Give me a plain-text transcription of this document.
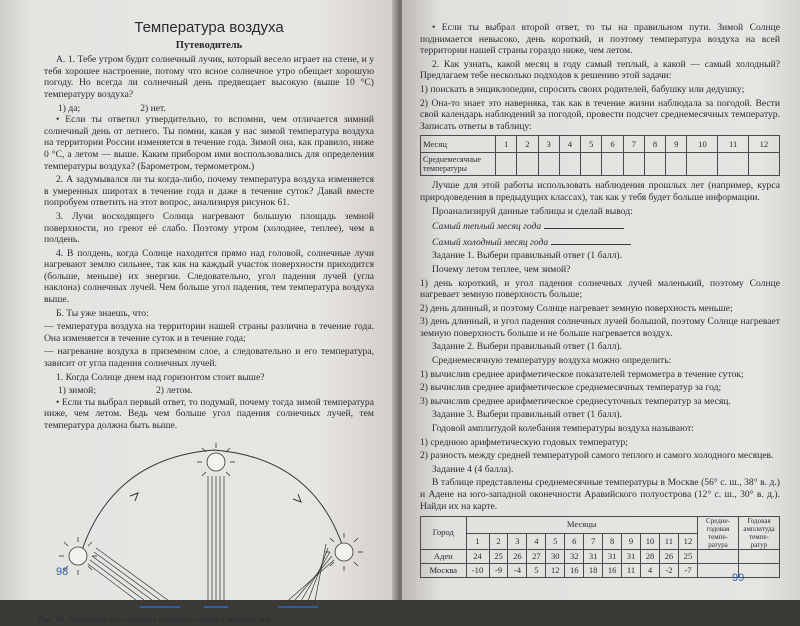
Температура воздуха
Путеводитель

А. 1. Тебе утром будит солнечный лучик, который весело играет на стене, и у тебя хорошее настроение, потому что ясное солнечное утро обещает хорошую погоду. Но всегда ли солнечный день предвещает высокую (выше 10 °С) температуру воздуха?

1) да;	2) нет.

• Если ты ответил утвердительно, то вспомни, чем отличается зимний солнечный день от летнего. Ты помни, какая у нас зимой температура воздуха на территории России изменяется в течение года. Зимой она, как правило, ниже 0 °С, а летом — выше. Каким прибором ими воспользовались для определения температуры воздуха? (Барометром, термометром.)

2. А задумывался ли ты когда-либо, почему температура воздуха изменяется в умеренных широтах в течение года и даже в течение суток? Давай вместе попробуем ответить на этот вопрос, анализируя рисунок 61.

3. Лучи восходящего Солнца нагревают большую площадь земной поверхности, но греют её слабо. Поэтому утром (холоднее, теплее), чем в полдень.

4. В полдень, когда Солнце находится прямо над головой, солнечные лучи нагревают землю сильнее, так как на каждый участок поверхности приходится (больше, меньше) их энергии. Следовательно, угол падения лучей (угла наклона) солнечных лучей. Чем больше угол падения, тем температура воздуха выше.

Б. Ты уже знаешь, что:

— температура воздуха на территории нашей страны различна в течение года. Она изменяется в течение суток и в течение года;

— нагревание воздуха в приземном слое, а следовательно и его температура, зависит от угла падения солнечных лучей.

1. Когда Солнце днем над горизонтом стоит выше?

1) зимой;	2) летом.

• Если ты выбрал первый ответ, то подумай, почему тогда зимой температура ниже, чем летом. Ведь чем больше угол падения солнечных лучей, тем температура должна быть выше.

Рис. 61. Изменение угла наклона солнечных лучей в течение дня
98

• Если ты выбрал второй ответ, то ты на правильном пути. Зимой Солнце поднимается невысоко, день короткий, и поэтому температура воздуха на всей территории нашей страны гораздо ниже, чем летом.

2. Как узнать, какой месяц в году самый теплый, а какой — самый холодный? Предлагаем тебе несколько подходов к решению этой задачи:

1) поискать в энциклопедии, спросить своих родителей, бабушку или дедушку;

2) Она-то знает это наверняка, так как в течение жизни наблюдала за погодой. Вести свой календарь наблюдений за погодой, провести подсчет среднемесячных температур. Записать ответы в таблицу:

Месяц	1	2	3	4	5	6	7	8	9	10	11	12
Среднемесячные температуры												

Лучше для этой работы использовать наблюдения прошлых лет (например, курса природоведения в предыдущих классах), так как у тебя будет больше информации.

Проанализируй данные таблицы и сделай вывод:

Самый теплый месяц года

Самый холодный месяц года

Задание 1. Выбери правильный ответ (1 балл).

Почему летом теплее, чем зимой?

1) день короткий, и угол падения солнечных лучей маленький, поэтому Солнце нагревает земную поверхность больше;

2) день длинный, и поэтому Солнце нагревает земную поверхность меньше;

3) день длинный, и угол падения солнечных лучей большой, поэтому Солнце нагревает земную поверхность больше и не больше нагревается воздух.

Задание 2. Выбери правильный ответ (1 балл).

Среднемесячную температуру воздуха можно определить:

1) вычислив среднее арифметическое показателей термометра в течение суток;

2) вычислив среднее арифметическое среднемесячных температур за год;

3) вычислив среднее арифметическое среднесуточных температур за месяц.

Задание 3. Выбери правильный ответ (1 балл).

Годовой амплитудой колебания температуры воздуха называют:

1) среднюю арифметическую годовых температур;

2) разность между средней температурой самого теплого и самого холодного месяцев.

Задание 4 (4 балла).

В таблице представлены среднемесячные температуры в Москве (56° с. ш., 38° в. д.) и Адене на юго-западной оконечности Аравийского полуострова (12° с. ш., 30° в. д.). Найди их на карте.

Город	Месяцы												Средне-годовая темпе-ратура	Годовая амплитуда темпе-ратур
	1	2	3	4	5	6	7	8	9	10	11	12		
Аден	24	25	26	27	30	32	31	31	31	28	26	25		
Москва	-10	-9	-4	5	12	16	18	16	11	4	-2	-7		
99
